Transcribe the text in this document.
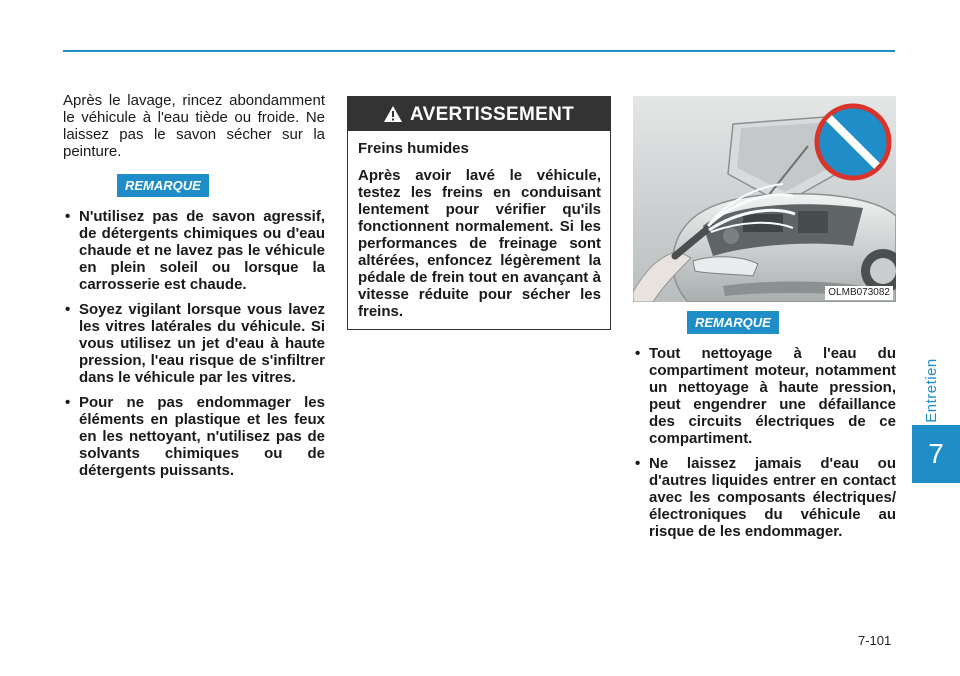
Entretien
7

Après le lavage, rincez abondamment le véhicule à l'eau tiède ou froide. Ne laissez pas le savon sécher sur la peinture.

REMARQUE
• N'utilisez pas de savon agressif, de détergents chimiques ou d'eau chaude et ne lavez pas le véhicule en plein soleil ou lorsque la carrosserie est chaude.
• Soyez vigilant lorsque vous lavez les vitres latérales du véhicule. Si vous utilisez un jet d'eau à haute pression, l'eau risque de s'infiltrer dans le véhicule par les vitres.
• Pour ne pas endommager les éléments en plastique et les feux en les nettoyant, n'utilisez pas de solvants chimiques ou de détergents puissants.
AVERTISSEMENT

Freins humides

Après avoir lavé le véhicule, testez les freins en conduisant lentement pour vérifier qu'ils fonctionnent normalement. Si les performances de freinage sont altérées, enfoncez légèrement la pédale de frein tout en avançant à vitesse réduite pour sécher les freins.

OLMB073082
REMARQUE
• Tout nettoyage à l'eau du compartiment moteur, notamment un nettoyage à haute pression, peut engendrer une défaillance des circuits électriques de ce compartiment.
• Ne laissez jamais d'eau ou d'autres liquides entrer en contact avec les composants électriques/électroniques du véhicule au risque de les endommager.
7-101
